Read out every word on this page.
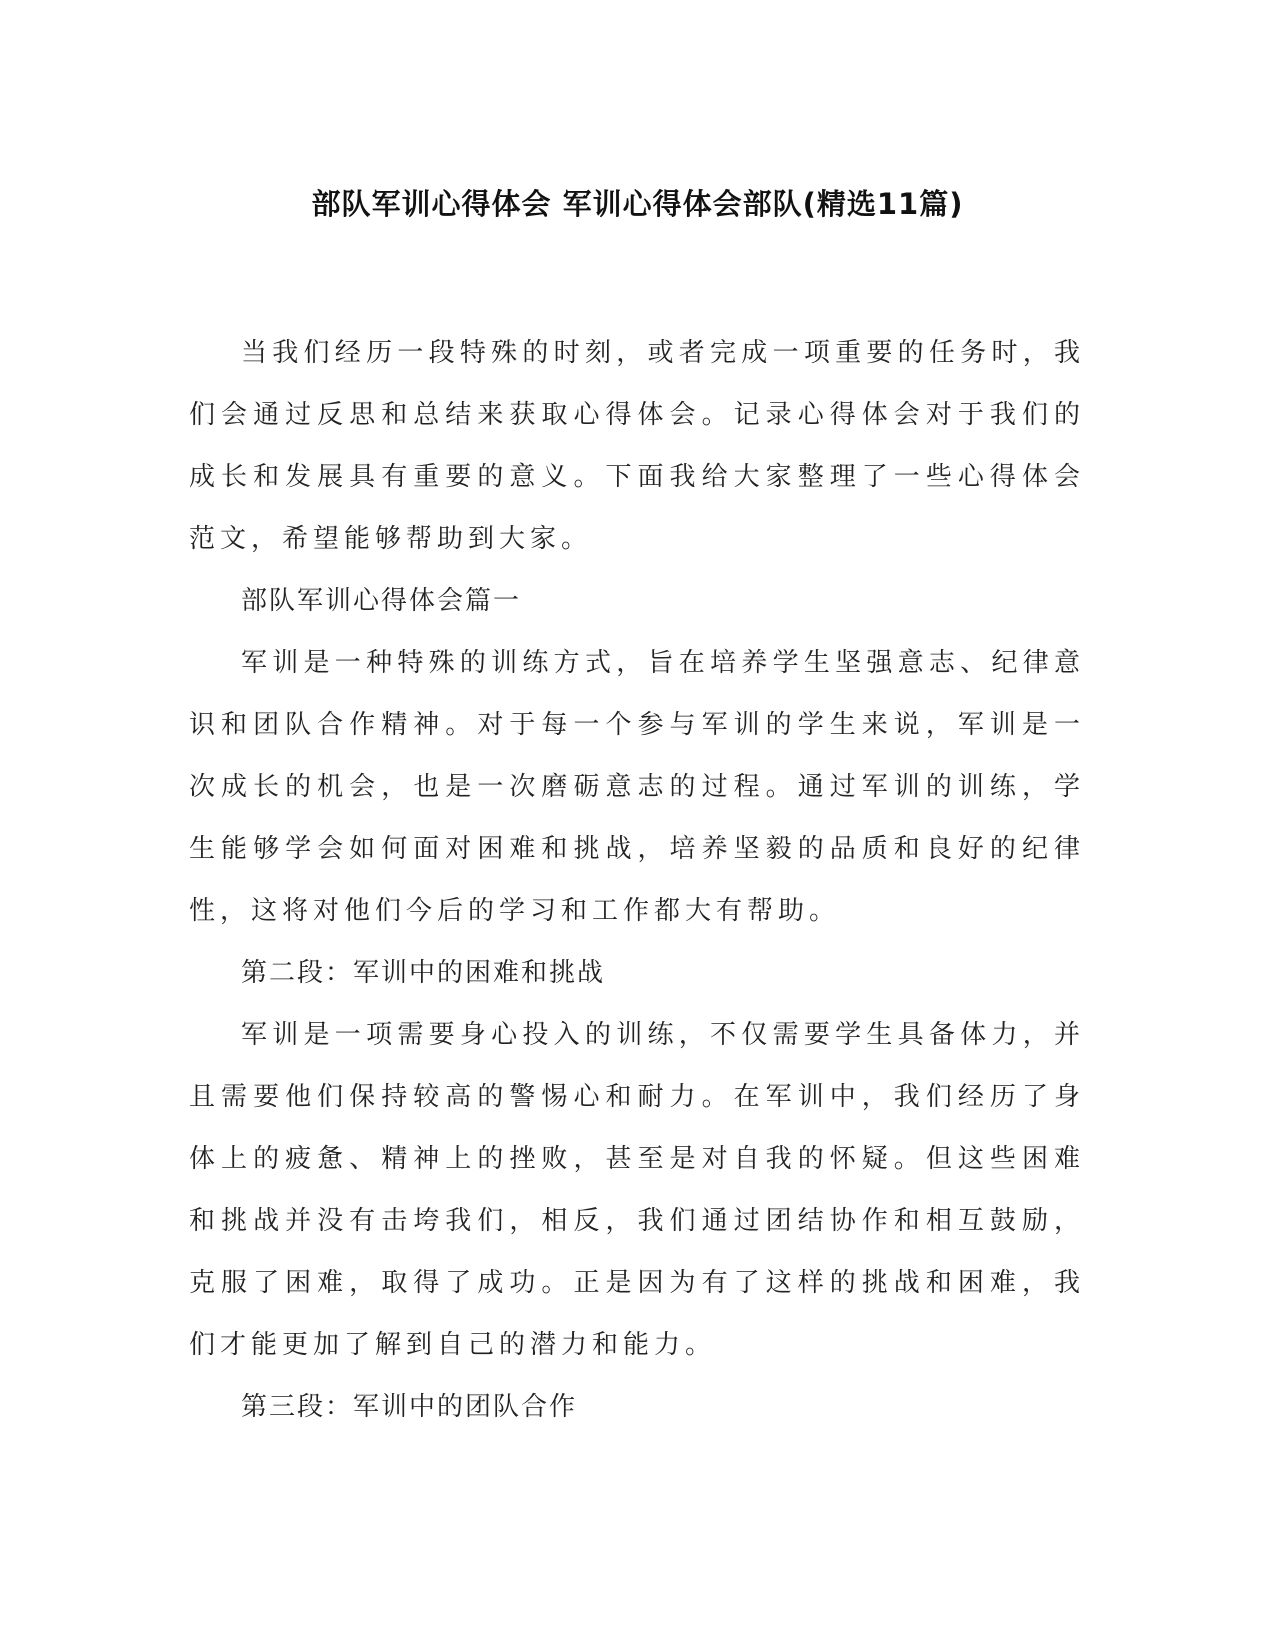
部队军训心得体会 军训心得体会部队(精选11篇)

当我们经历一段特殊的时刻，或者完成一项重要的任务时，我们会通过反思和总结来获取心得体会。记录心得体会对于我们的成长和发展具有重要的意义。下面我给大家整理了一些心得体会范文，希望能够帮助到大家。

部队军训心得体会篇一

军训是一种特殊的训练方式，旨在培养学生坚强意志、纪律意识和团队合作精神。对于每一个参与军训的学生来说，军训是一次成长的机会，也是一次磨砺意志的过程。通过军训的训练，学生能够学会如何面对困难和挑战，培养坚毅的品质和良好的纪律性，这将对他们今后的学习和工作都大有帮助。

第二段：军训中的困难和挑战

军训是一项需要身心投入的训练，不仅需要学生具备体力，并且需要他们保持较高的警惕心和耐力。在军训中，我们经历了身体上的疲惫、精神上的挫败，甚至是对自我的怀疑。但这些困难和挑战并没有击垮我们，相反，我们通过团结协作和相互鼓励，克服了困难，取得了成功。正是因为有了这样的挑战和困难，我们才能更加了解到自己的潜力和能力。

第三段：军训中的团队合作
